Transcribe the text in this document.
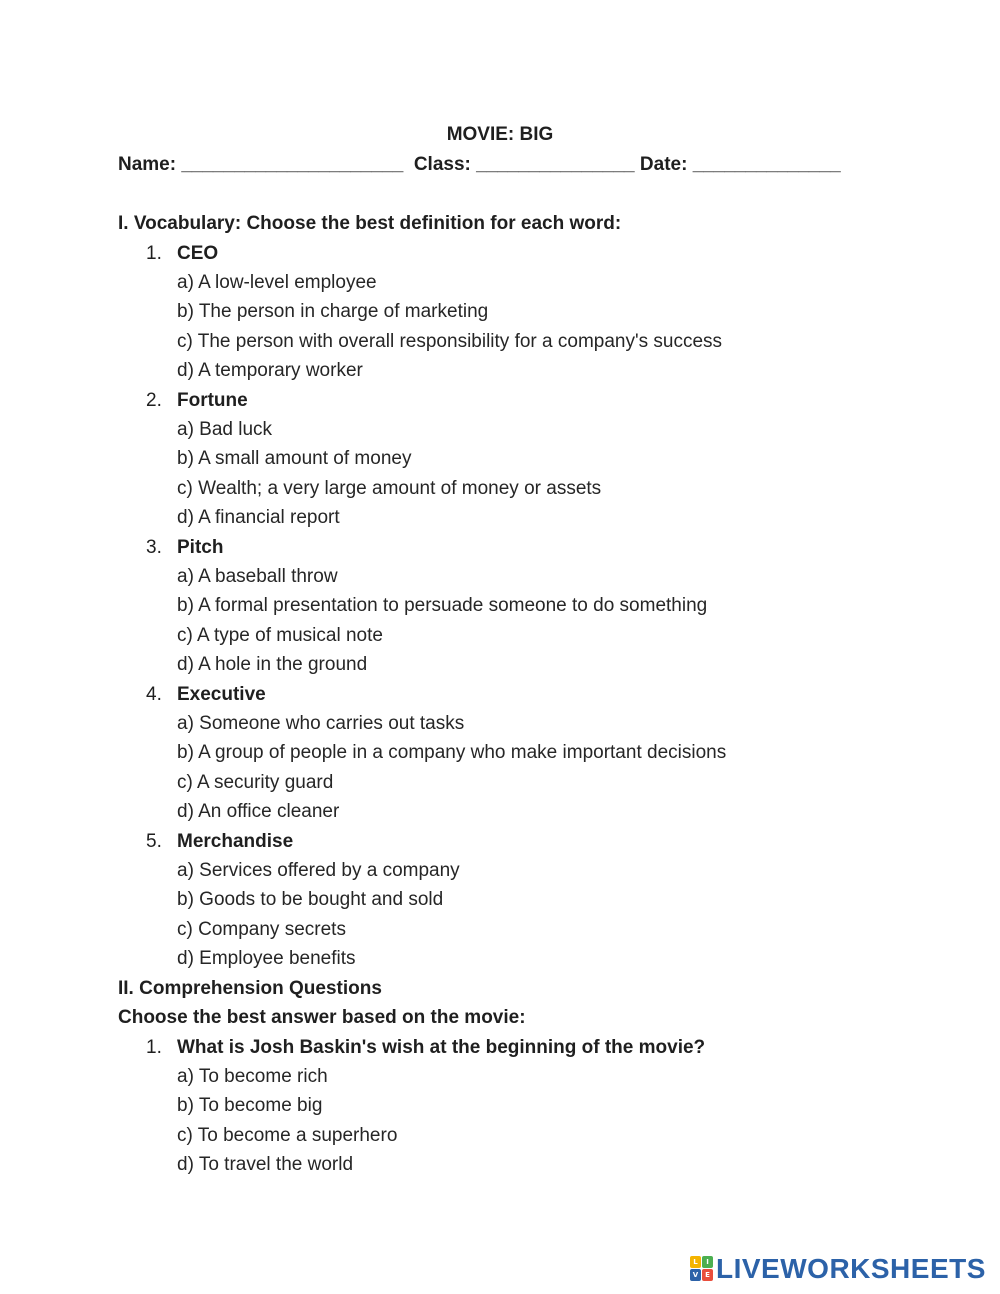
MOVIE: BIG
Name: _____________________  Class: _______________ Date: ______________
I. Vocabulary: Choose the best definition for each word:
1. CEO
a) A low-level employee
b) The person in charge of marketing
c) The person with overall responsibility for a company's success
d) A temporary worker
2. Fortune
a) Bad luck
b) A small amount of money
c) Wealth; a very large amount of money or assets
d) A financial report
3. Pitch
a) A baseball throw
b) A formal presentation to persuade someone to do something
c) A type of musical note
d) A hole in the ground
4. Executive
a) Someone who carries out tasks
b) A group of people in a company who make important decisions
c) A security guard
d) An office cleaner
5. Merchandise
a) Services offered by a company
b) Goods to be bought and sold
c) Company secrets
d) Employee benefits
II. Comprehension Questions
Choose the best answer based on the movie:
1. What is Josh Baskin's wish at the beginning of the movie?
a) To become rich
b) To become big
c) To become a superhero
d) To travel the world
L	I
V E LIVEWORKSHEETS
